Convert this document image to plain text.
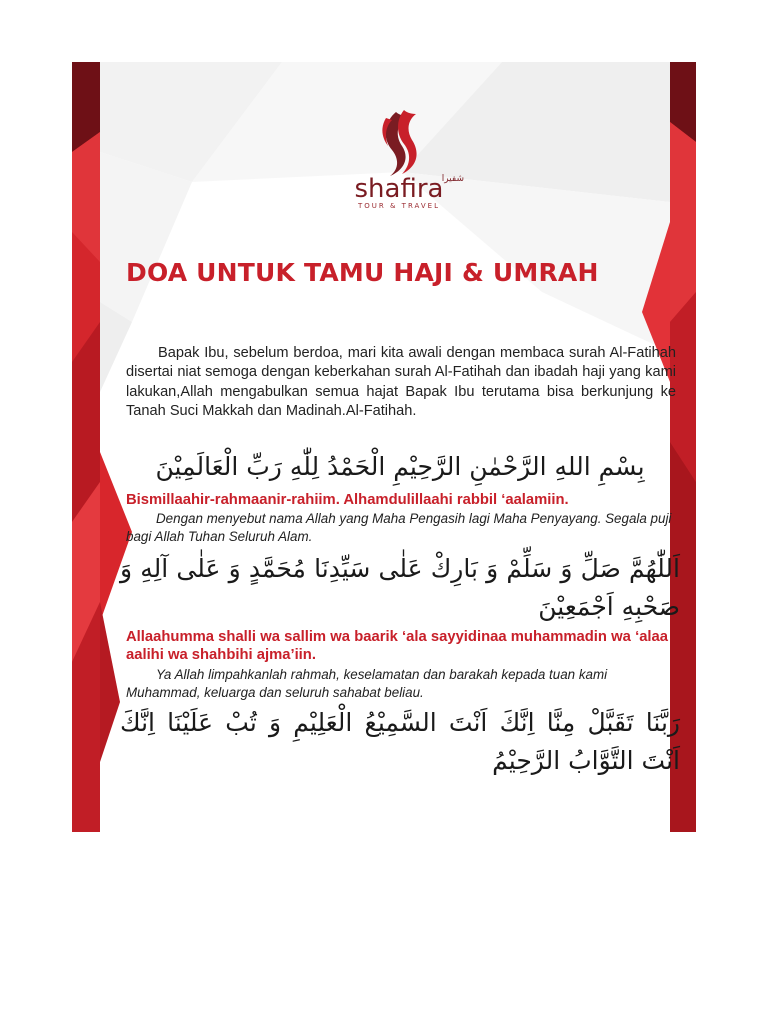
shafira
TOUR & TRAVEL
شفيرا
DOA UNTUK TAMU HAJI & UMRAH

Bapak Ibu, sebelum berdoa, mari kita awali dengan membaca surah Al-Fatihah disertai niat semoga dengan keberkahan surah Al-Fatihah dan ibadah haji yang kami lakukan,Allah mengabulkan semua hajat Bapak Ibu terutama bisa berkunjung ke Tanah Suci Makkah dan Madinah.Al-Fatihah.

بِسْمِ اللهِ الرَّحْمٰنِ الرَّحِيْمِ الْحَمْدُ لِلّٰهِ رَبِّ الْعَالَمِيْنَ

Bismillaahir-rahmaanir-rahiim. Alhamdulillaahi rabbil ‘aalamiin.

Dengan menyebut nama Allah yang Maha Pengasih lagi Maha Penyayang. Segala puji bagi Allah Tuhan Seluruh Alam.

اَللّٰهُمَّ صَلِّ وَ سَلِّمْ وَ بَارِكْ عَلٰى سَيِّدِنَا مُحَمَّدٍ وَ عَلٰى آلِهِ وَ صَحْبِهِ اَجْمَعِيْنَ

Allaahumma shalli wa sallim wa baarik ‘ala sayyidinaa muhammadin wa ‘alaa aalihi wa shahbihi ajma’iin.

Ya Allah limpahkanlah rahmah, keselamatan dan barakah kepada tuan kami Muhammad, keluarga dan seluruh sahabat beliau.

رَبَّنَا تَقَبَّلْ مِنَّا اِنَّكَ اَنْتَ السَّمِيْعُ الْعَلِيْمِ وَ تُبْ عَلَيْنَا اِنَّكَ اَنْتَ التَّوَّابُ الرَّحِيْمُ
